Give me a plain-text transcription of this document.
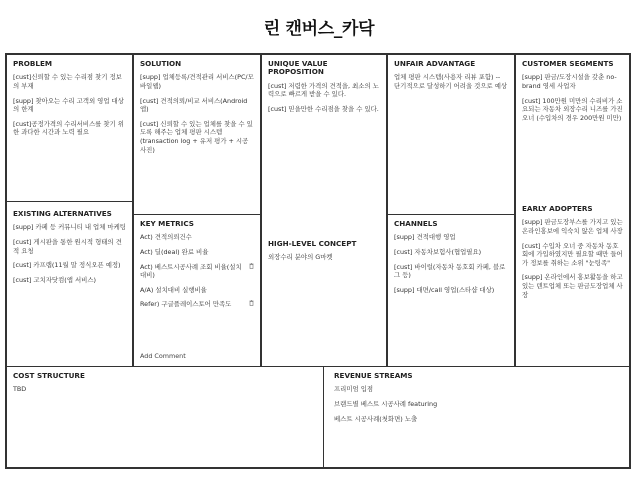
린 캔버스_카닥
PROBLEM
[cust]신뢰할 수 있는 수리점 찾기 정보의 부재
[supp] 찾아오는 수리 고객외 영업 대상의 한계
[cust]공정가격의 수리서비스를 찾기 위한 과다한 시간과 노력 필요
EXISTING ALTERNATIVES
[supp] 카페 등 커뮤니티 내 업체 마케팅
[cust] 게시판을 통한 원시적 형태의 견적 요청
[cust] 카프랩(11월 말 정식오픈 예정)
[cust] 고치자닷컴(앱 서비스)
SOLUTION
[supp] 업체등록/견적관리 서비스(PC/모바일웹)
[cust] 견적의뢰/비교 서비스(Android 앱)
[cust] 신뢰할 수 있는 업체를 찾을 수 있도록 해주는 업체 평판 시스템 (transaction log + 유저 평가 + 시공사진)
KEY METRICS
Act) 견적의뢰건수
Act) 딜(deal) 완료 비율
Act) 베스트시공사례 조회 비율(설치대비)
A/A) 설치대비 실행비율
Refer) 구글플레이스토어 만족도
Add Comment
UNIQUE VALUE PROPOSITION
[cust] 저렴한 가격의 견적을, 최소의 노력으로 빠르게 받을 수 있다.
[cust] 믿을만한 수리점을 찾을 수 있다.
HIGH-LEVEL CONCEPT
외장수리 분야의 G마켓
UNFAIR ADVANTAGE
업체 평판 시스템(사용자 리뷰 포함) -- 단기적으로 달성하기 어려울 것으로 예상
CHANNELS
[supp] 견적대행 영업
[cust] 자동차보험사(협업필요)
[cust] 바이럴(자동차 동호회 카페, 블로그 등)
[supp] 대면/call 영업(스타샵 대상)
CUSTOMER SEGMENTS
[supp] 판금/도장시설을 갖춘 no-brand 영세 사업자
[cust] 100만원 미만의 수리비가 소요되는 자동차 외장수리 니즈를 가진 오너 (수입차의 경우 200만원 미만)
EARLY ADOPTERS
[supp] 판금도장부스를 가지고 있는 온라인홍보에 익숙치 않은 업체 사장
[cust] 수입차 오너 중 자동차 동호회에 가입하였지만 필요할 때만 들어가 정보를 취하는 소위 "눈팅족"
[supp] 온라인에서 홍보활동을 하고 있는 덴트업체 또는 판금도장업체 사장
COST STRUCTURE
TBD
REVENUE STREAMS
프리미엄 입점
브랜드별 베스트 시공사례 featuring
베스트 시공사례(첫화면) 노출
